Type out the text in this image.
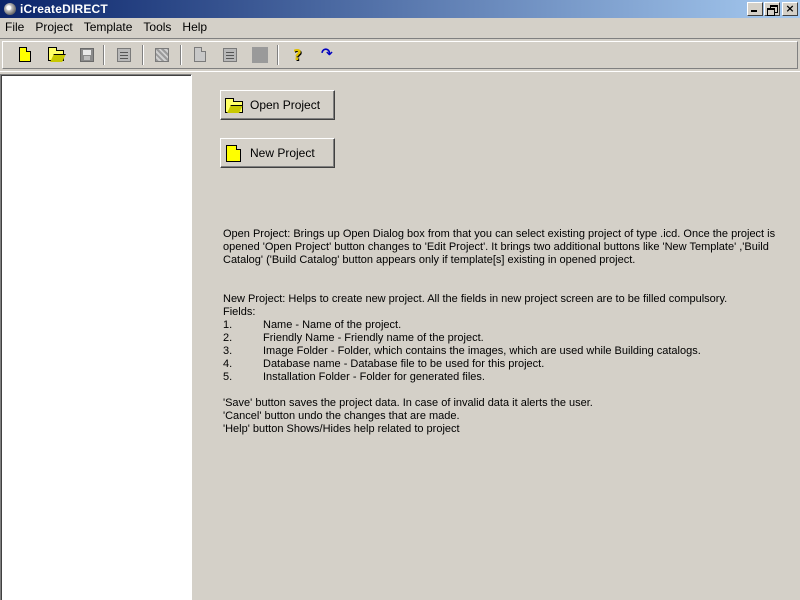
iCreateDIRECT	×
File Project Template Tools Help
? ↷
Open Project
New Project

Open Project: Brings up Open Dialog box from that you can select existing project of type .icd. Once the project is opened 'Open Project' button changes to 'Edit Project'. It brings two additional buttons like 'New Template' ,'Build Catalog' ('Build Catalog' button appears only if template[s] existing in opened project.

New Project: Helps to create new project. All the fields in new project screen are to be filled compulsory.

Fields:

1.	Name - Name of the project.
2.	Friendly Name - Friendly name of the project.
3.	Image Folder - Folder, which contains the images, which are used while Building catalogs.
4.	Database name - Database file to be used for this project.
5.	Installation Folder - Folder for generated files.

'Save' button saves the project data. In case of invalid data it alerts the user.

'Cancel' button undo the changes that are made.

'Help' button Shows/Hides help related to project
